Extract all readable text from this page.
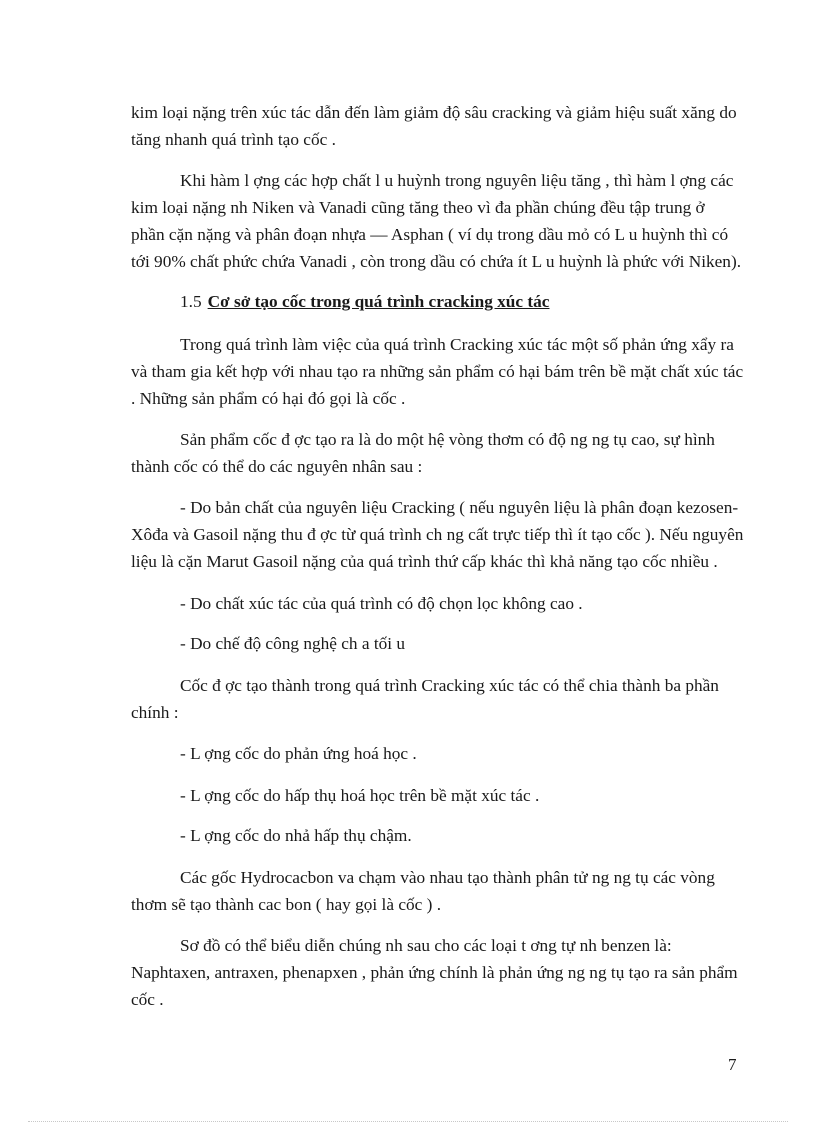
kim loại nặng trên xúc tác dẫn đến làm giảm độ sâu cracking và giảm hiệu suất xăng do
tăng nhanh quá trình tạo cốc .

Khi hàm l ợng các hợp chất l u huỳnh trong nguyên liệu tăng , thì hàm l ợng các
kim loại nặng nh Niken và Vanadi cũng tăng theo vì đa phần chúng đều tập trung ở
phần cặn nặng và phân đoạn nhựa — Asphan ( ví dụ trong dầu mỏ có L u huỳnh thì có
tới 90% chất phức chứa Vanadi , còn trong dầu có chứa ít L u huỳnh là phức với Niken).

1.5 Cơ sở tạo cốc trong quá trình cracking xúc tác

Trong quá trình làm việc của quá trình Cracking xúc tác một số phản ứng xẩy ra
và tham gia kết hợp với nhau tạo ra những sản phẩm có hại bám trên bề mặt chất xúc tác
. Những sản phẩm có hại đó gọi là cốc .

Sản phẩm cốc đ ợc tạo ra là do một hệ vòng thơm có độ ng ng tụ cao, sự hình
thành cốc có thể do các nguyên nhân sau :

- Do bản chất của nguyên liệu Cracking ( nếu nguyên liệu là phân đoạn kezosen-
Xôđa và Gasoil nặng thu đ ợc từ quá trình ch ng cất trực tiếp thì ít tạo cốc ). Nếu nguyên
liệu là cặn Marut Gasoil nặng của quá trình thứ cấp khác thì khả năng tạo cốc nhiều .

- Do chất xúc tác của quá trình có độ chọn lọc không cao .

- Do chế độ công nghệ ch a tối u

Cốc đ ợc tạo thành trong quá trình Cracking xúc tác có thể chia thành ba phần
chính :

- L ợng cốc do phản ứng hoá học .

- L ợng cốc do hấp thụ hoá học trên bề mặt xúc tác .

- L ợng cốc do nhả hấp thụ chậm.

Các gốc Hydrocacbon va chạm vào nhau tạo thành phân tử ng ng tụ các vòng
thơm sẽ tạo thành cac bon ( hay gọi là cốc ) .

Sơ đồ có thể biểu diễn chúng nh sau cho các loại t ơng tự nh benzen là:
Naphtaxen, antraxen, phenapxen , phản ứng chính là phản ứng ng ng tụ tạo ra sản phẩm
cốc .

7
